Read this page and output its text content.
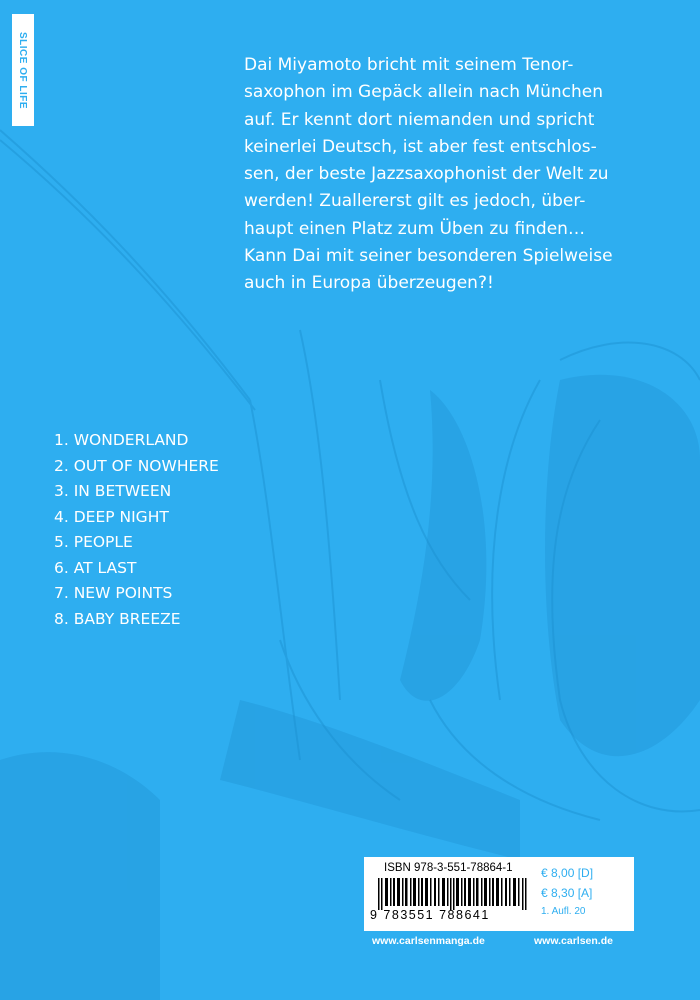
SLICE OF LIFE	Dai Miyamoto bricht mit seinem Tenor-
saxophon im Gepäck allein nach München
auf. Er kennt dort niemanden und spricht
keinerlei Deutsch, ist aber fest entschlos-
sen, der beste Jazzsaxophonist der Welt zu
werden! Zuallererst gilt es jedoch, über-
haupt einen Platz zum Üben zu finden…
Kann Dai mit seiner besonderen Spielweise
auch in Europa überzeugen?!
1. WONDERLAND
2. OUT OF NOWHERE
3. IN BETWEEN
4. DEEP NIGHT
5. PEOPLE
6. AT LAST
7. NEW POINTS
8. BABY BREEZE
ISBN 978-3-551-78864-1
9 783551 788641
€ 8,00 [D]
€ 8,30 [A]
1. Aufl. 20
www.carlsenmanga.de	www.carlsen.de
